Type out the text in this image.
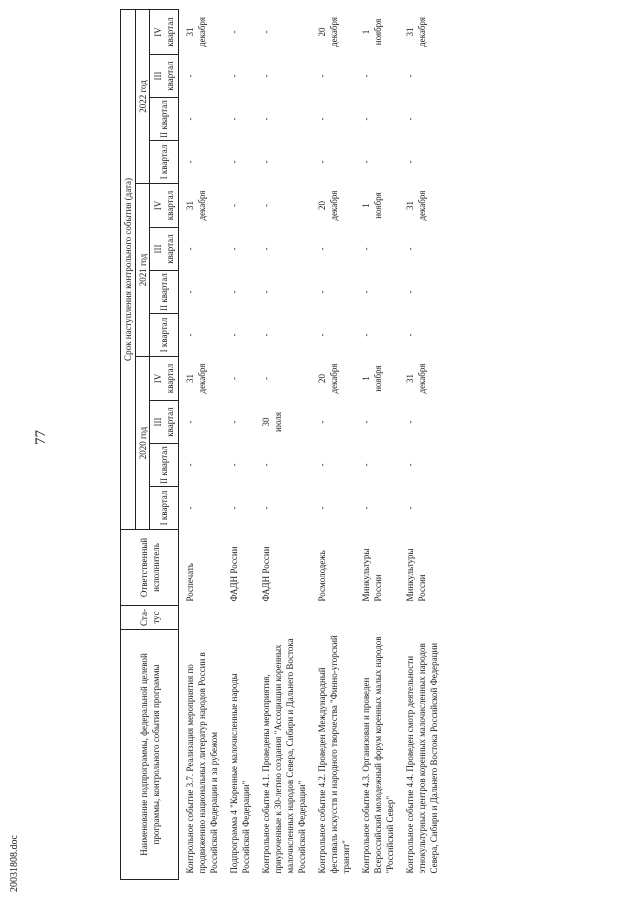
77
20031808.doc
Наименование подпрограммы, федеральной целевой программы, контрольного события программы	Ста- тус	Ответственный исполнитель	Срок наступления контрольного события (дата)											
			2020 год				2021 год				2022 год			
			I квартал	II квартал	III квартал	IV квартал	I квартал	II квартал	III квартал	IV квартал	I квартал	II квартал	III квартал	IV квартал
Контрольное событие 3.7. Реализация мероприятия по продвижению национальных литератур народов России в Российской Федерации и за рубежом		Роспечать	-	-	-	31 декабря	-	-	-	31 декабря	-	-	-	31 декабря

Подпрограмма 4 "Коренные малочисленные народы Российской Федерации"		ФАДН России	-	-	-	-	-	-	-	-	-	-	-	-
Контрольное событие 4.1. Проведены мероприятия, приуроченные к 30-летию создания "Ассоциации коренных малочисленных народов Севера, Сибири и Дальнего Востока Российской Федерации"		ФАДН России	-	-	30 июля	-	-	-	-	-	-	-	-	-
Контрольное событие 4.2. Проведен Международный фестиваль искусств и народного творчества "Финно-угорский транзит"		Росмолодежь	-	-	-	20 декабря	-	-	-	20 декабря	-	-	-	20 декабря

Контрольное событие 4.3. Организован и проведен Всероссийский молодежный форум коренных малых народов "Российский Север"		Минкультуры России	-	-	-	1 ноября	-	-	-	1 ноября	-	-	-	1 ноября

Контрольное событие 4.4. Проведен смотр деятельности этнокультурных центров коренных малочисленных народов Севера, Сибири и Дальнего Востока Российской Федерации		Минкультуры России	-	-	-	31 декабря	-	-	-	31 декабря	-	-	-	31 декабря
